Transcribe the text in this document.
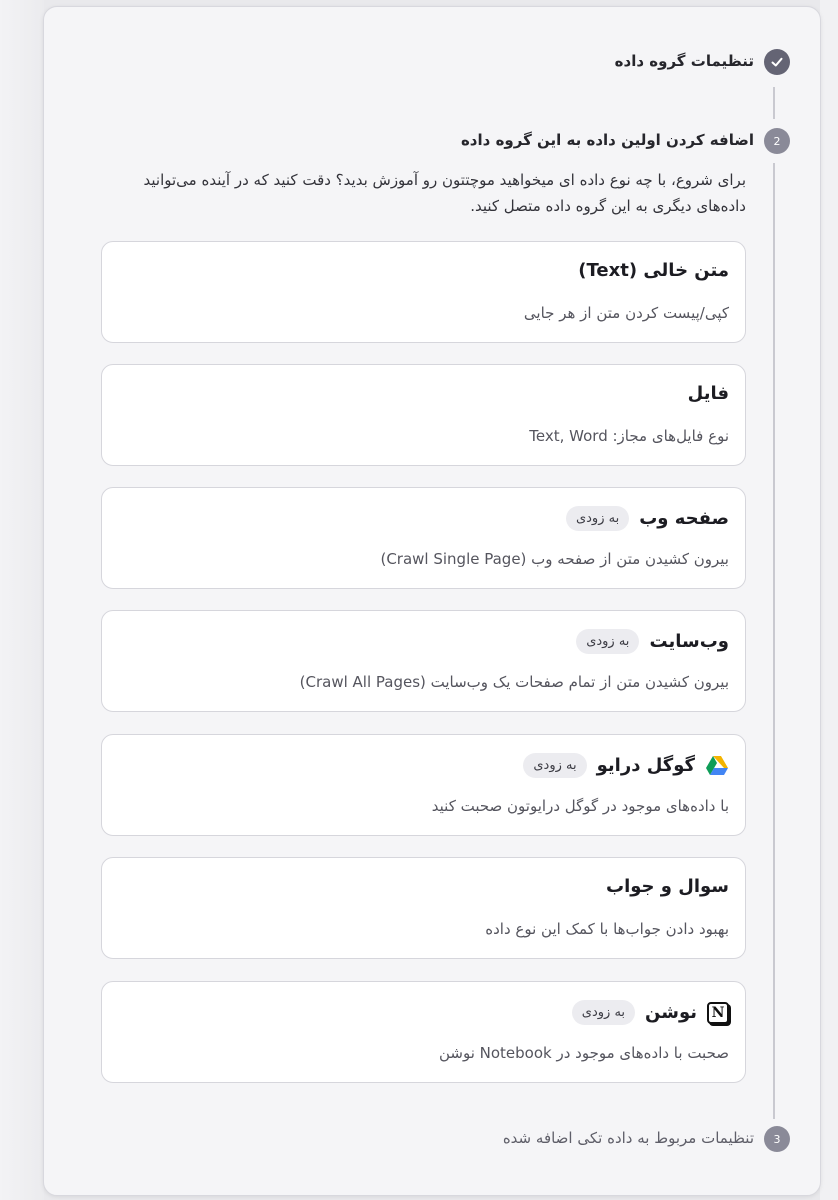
تنظیمات گروه داده
2
اضافه کردن اولین داده به این گروه داده
برای شروع، با چه نوع داده ای میخواهید موچتتون رو آموزش بدید؟ دقت کنید که در آینده می‌توانید داده‌های دیگری به این گروه داده متصل کنید.
متن خالی (Text)
کپی/پیست کردن متن از هر جایی
فایل
نوع فایل‌های مجاز: Text, Word
صفحه وب
به زودی
بیرون کشیدن متن از صفحه وب (Crawl Single Page)
وب‌سایت
به زودی
بیرون کشیدن متن از تمام صفحات یک وب‌سایت (Crawl All Pages)
گوگل درایو
به زودی
با داده‌های موجود در گوگل درایوتون صحبت کنید
سوال و جواب
بهبود دادن جواب‌ها با کمک این نوع داده
N
نوشن
به زودی
صحبت با داده‌های موجود در Notebook نوشن
3
تنظیمات مربوط به داده تکی اضافه شده
